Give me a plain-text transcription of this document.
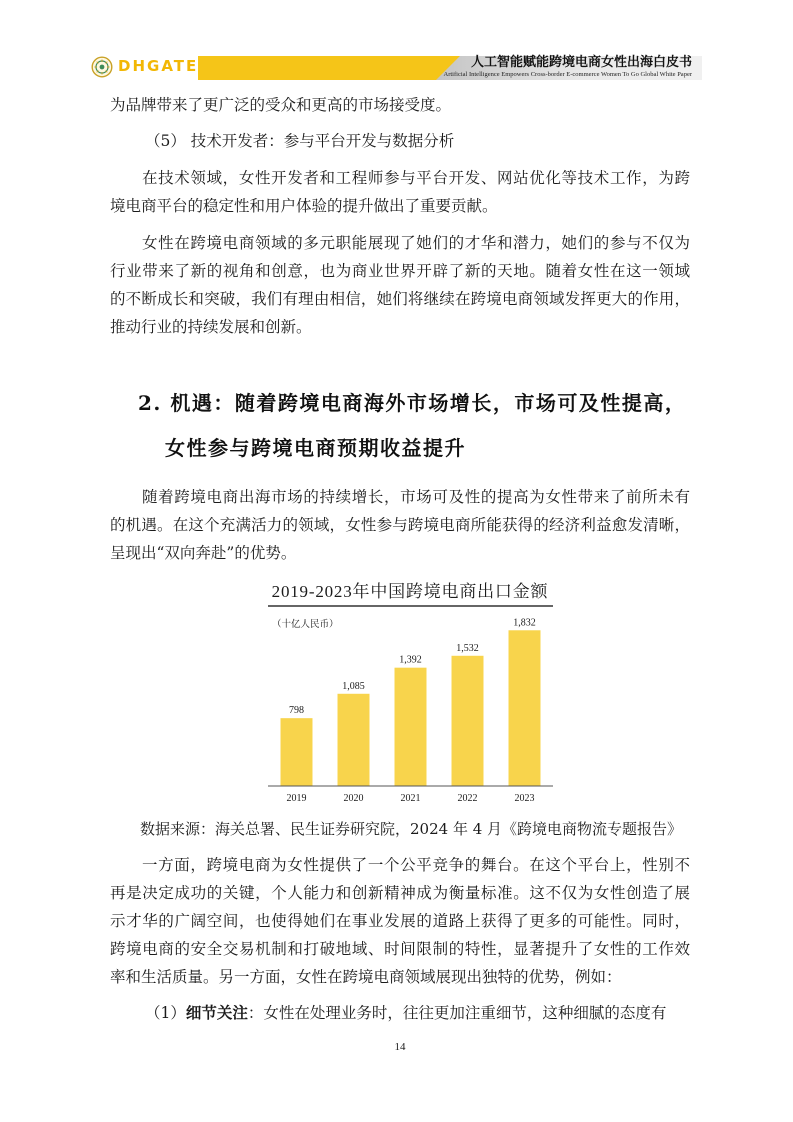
DHGATE	人工智能赋能跨境电商女性出海白皮书
Artificial Intelligence Empowers Cross-border E-commerce Women To Go Global White Paper
为品牌带来了更广泛的受众和更高的市场接受度。
（5） 技术开发者：参与平台开发与数据分析
在技术领域，女性开发者和工程师参与平台开发、网站优化等技术工作，为跨
境电商平台的稳定性和用户体验的提升做出了重要贡献。
女性在跨境电商领域的多元职能展现了她们的才华和潜力，她们的参与不仅为
行业带来了新的视角和创意，也为商业世界开辟了新的天地。随着女性在这一领域
的不断成长和突破，我们有理由相信，她们将继续在跨境电商领域发挥更大的作用，
推动行业的持续发展和创新。
2. 机遇：随着跨境电商海外市场增长，市场可及性提高，
女性参与跨境电商预期收益提升
随着跨境电商出海市场的持续增长，市场可及性的提高为女性带来了前所未有
的机遇。在这个充满活力的领域，女性参与跨境电商所能获得的经济利益愈发清晰，
呈现出“双向奔赴”的优势。
2019-2023年中国跨境电商出口金额
（十亿人民币）
798
2019
1,085
2020
1,392
2021
1,532
2022
1,832
2023
数据来源：海关总署、民生证券研究院，2024 年 4 月《跨境电商物流专题报告》
一方面，跨境电商为女性提供了一个公平竞争的舞台。在这个平台上，性别不
再是决定成功的关键，个人能力和创新精神成为衡量标准。这不仅为女性创造了展
示才华的广阔空间，也使得她们在事业发展的道路上获得了更多的可能性。同时，
跨境电商的安全交易机制和打破地域、时间限制的特性，显著提升了女性的工作效
率和生活质量。另一方面，女性在跨境电商领域展现出独特的优势，例如：
（1）细节关注：女性在处理业务时，往往更加注重细节，这种细腻的态度有
14
